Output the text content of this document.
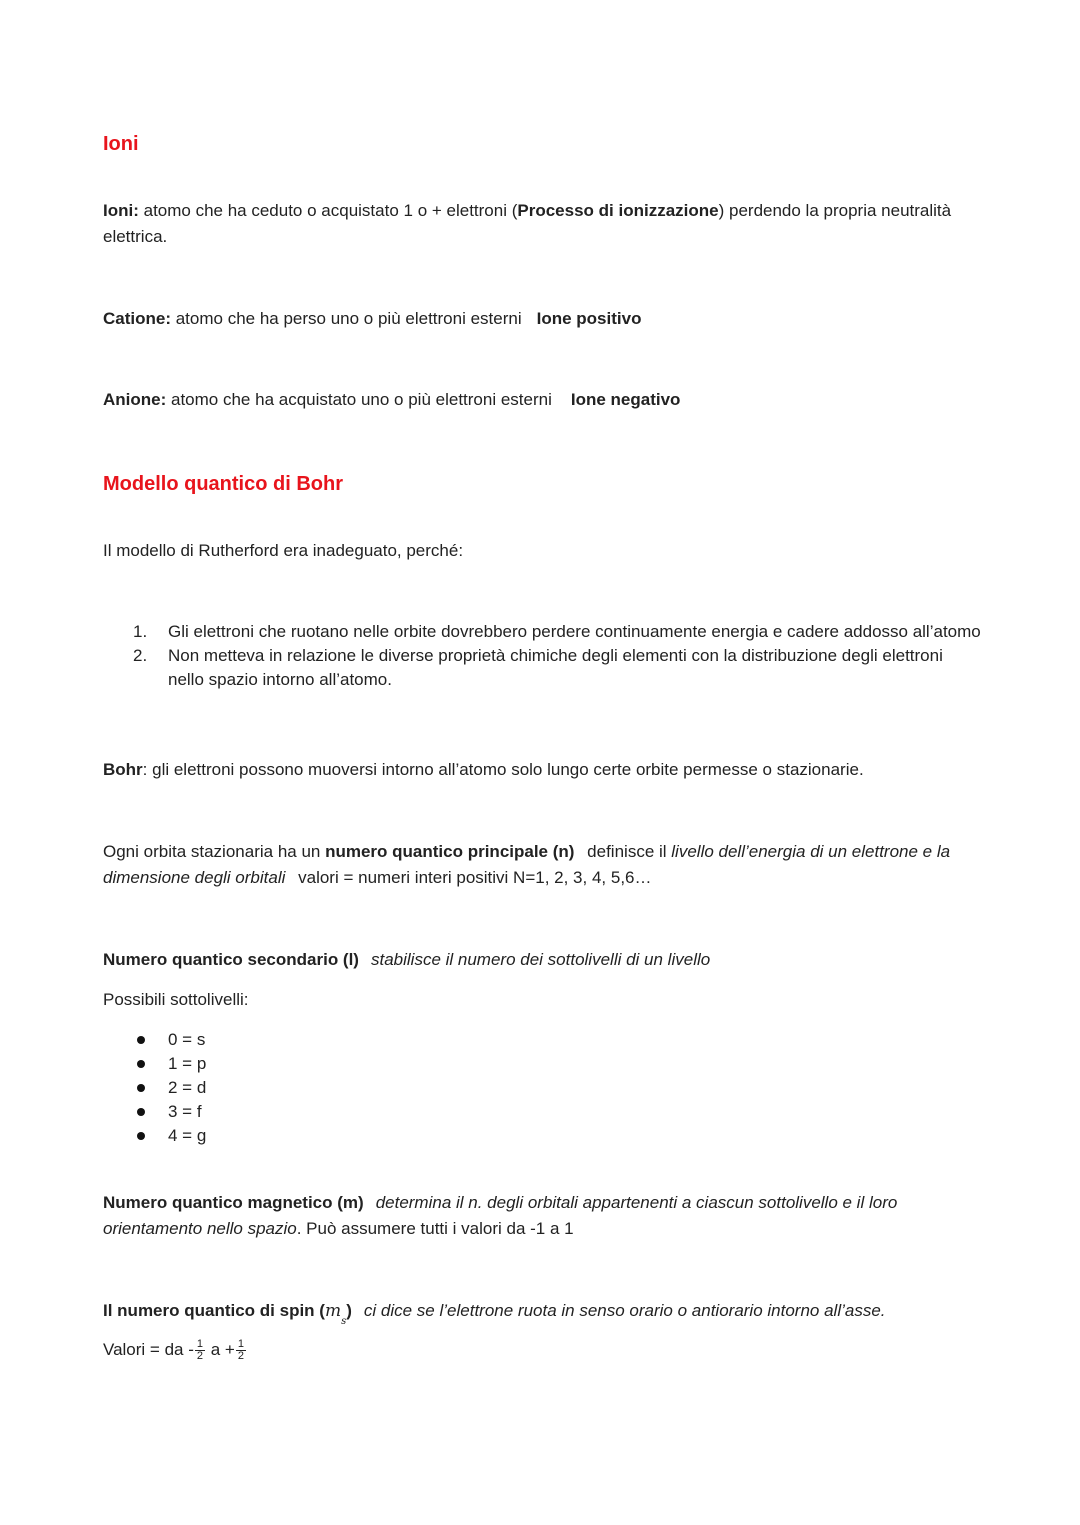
Ioni

Ioni: atomo che ha ceduto o acquistato 1 o + elettroni (Processo di ionizzazione) perdendo la propria neutralità elettrica.

Catione: atomo che ha perso uno o più elettroni esterni Ione positivo

Anione: atomo che ha acquistato uno o più elettroni esterni Ione negativo

Modello quantico di Bohr

Il modello di Rutherford era inadeguato, perché:

1. Gli elettroni che ruotano nelle orbite dovrebbero perdere continuamente energia e cadere addosso all’atomo
2. Non metteva in relazione le diverse proprietà chimiche degli elementi con la distribuzione degli elettroni nello spazio intorno all’atomo.

Bohr: gli elettroni possono muoversi intorno all’atomo solo lungo certe orbite permesse o stazionarie.

Ogni orbita stazionaria ha un numero quantico principale (n) definisce il livello dell’energia di un elettrone e la dimensione degli orbitali valori = numeri interi positivi N=1, 2, 3, 4, 5,6…

Numero quantico secondario (l) stabilisce il numero dei sottolivelli di un livello

Possibili sottolivelli:

0 = s
1 = p
2 = d
3 = f
4 = g

Numero quantico magnetico (m) determina il n. degli orbitali appartenenti a ciascun sottolivello e il loro orientamento nello spazio. Può assumere tutti i valori da -1 a 1

Il numero quantico di spin $(m_s)$ ci dice se l’elettrone ruota in senso orario o antiorario intorno all’asse.

Valori = da - $\frac{1}{2}$ $a + \frac{1}{2}$
